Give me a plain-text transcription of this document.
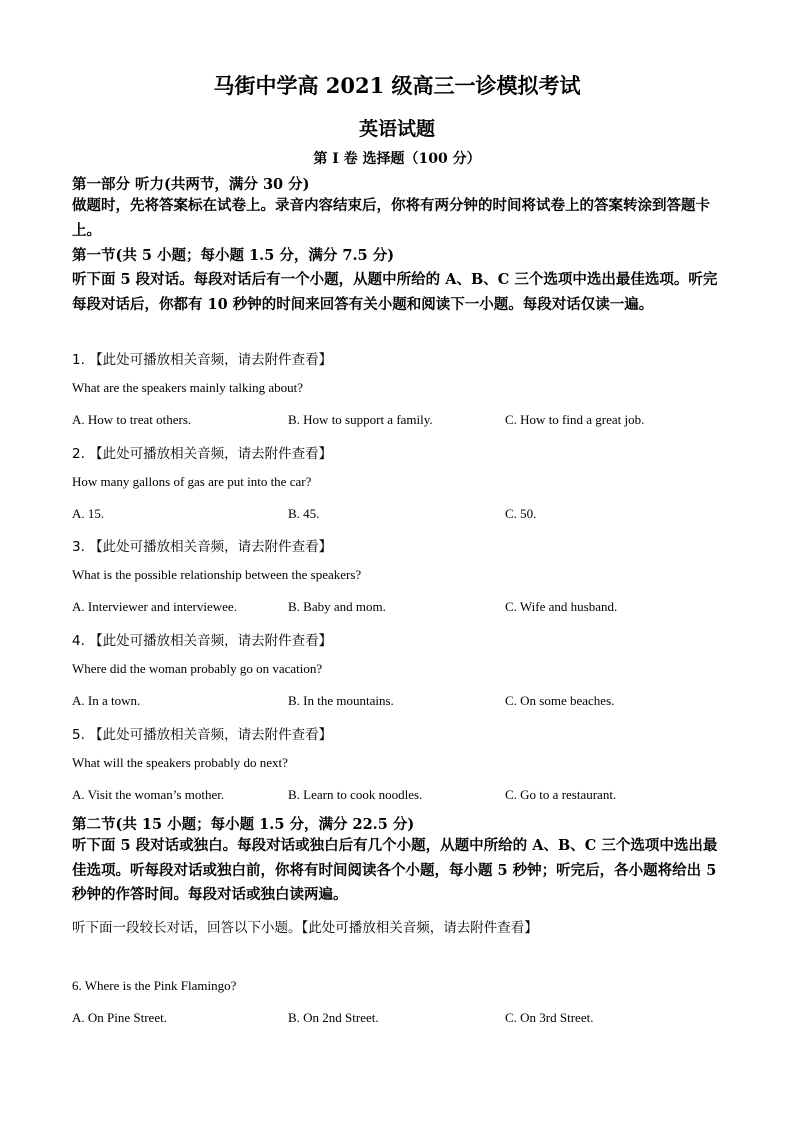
马街中学高 2021 级高三一诊模拟考试
英语试题
第 I 卷 选择题（100 分）
第一部分 听力(共两节，满分 30 分)
做题时，先将答案标在试卷上。录音内容结束后，你将有两分钟的时间将试卷上的答案转涂到答题卡上。
第一节(共 5 小题；每小题 1.5 分，满分 7.5 分)
听下面 5 段对话。每段对话后有一个小题，从题中所给的 A、B、C 三个选项中选出最佳选项。听完每段对话后，你都有 10 秒钟的时间来回答有关小题和阅读下一小题。每段对话仅读一遍。
1. 【此处可播放相关音频，请去附件查看】
What are the speakers mainly talking about?
A. How to treat others.	B. How to support a family.	C. How to find a great job.
2. 【此处可播放相关音频，请去附件查看】
How many gallons of gas are put into the car?
A. 15.	B. 45.	C. 50.
3. 【此处可播放相关音频，请去附件查看】
What is the possible relationship between the speakers?
A. Interviewer and interviewee.	B. Baby and mom.	C. Wife and husband.
4. 【此处可播放相关音频，请去附件查看】
Where did the woman probably go on vacation?
A. In a town.	B. In the mountains.	C. On some beaches.
5. 【此处可播放相关音频，请去附件查看】
What will the speakers probably do next?
A. Visit the woman’s mother.	B. Learn to cook noodles.	C. Go to a restaurant.
第二节(共 15 小题；每小题 1.5 分，满分 22.5 分)
听下面 5 段对话或独白。每段对话或独白后有几个小题，从题中所给的 A、B、C 三个选项中选出最佳选项。听每段对话或独白前，你将有时间阅读各个小题，每小题 5 秒钟；听完后，各小题将给出 5 秒钟的作答时间。每段对话或独白读两遍。
听下面一段较长对话，回答以下小题。【此处可播放相关音频，请去附件查看】
6. Where is the Pink Flamingo?
A. On Pine Street.	B. On 2nd Street.	C. On 3rd Street.
